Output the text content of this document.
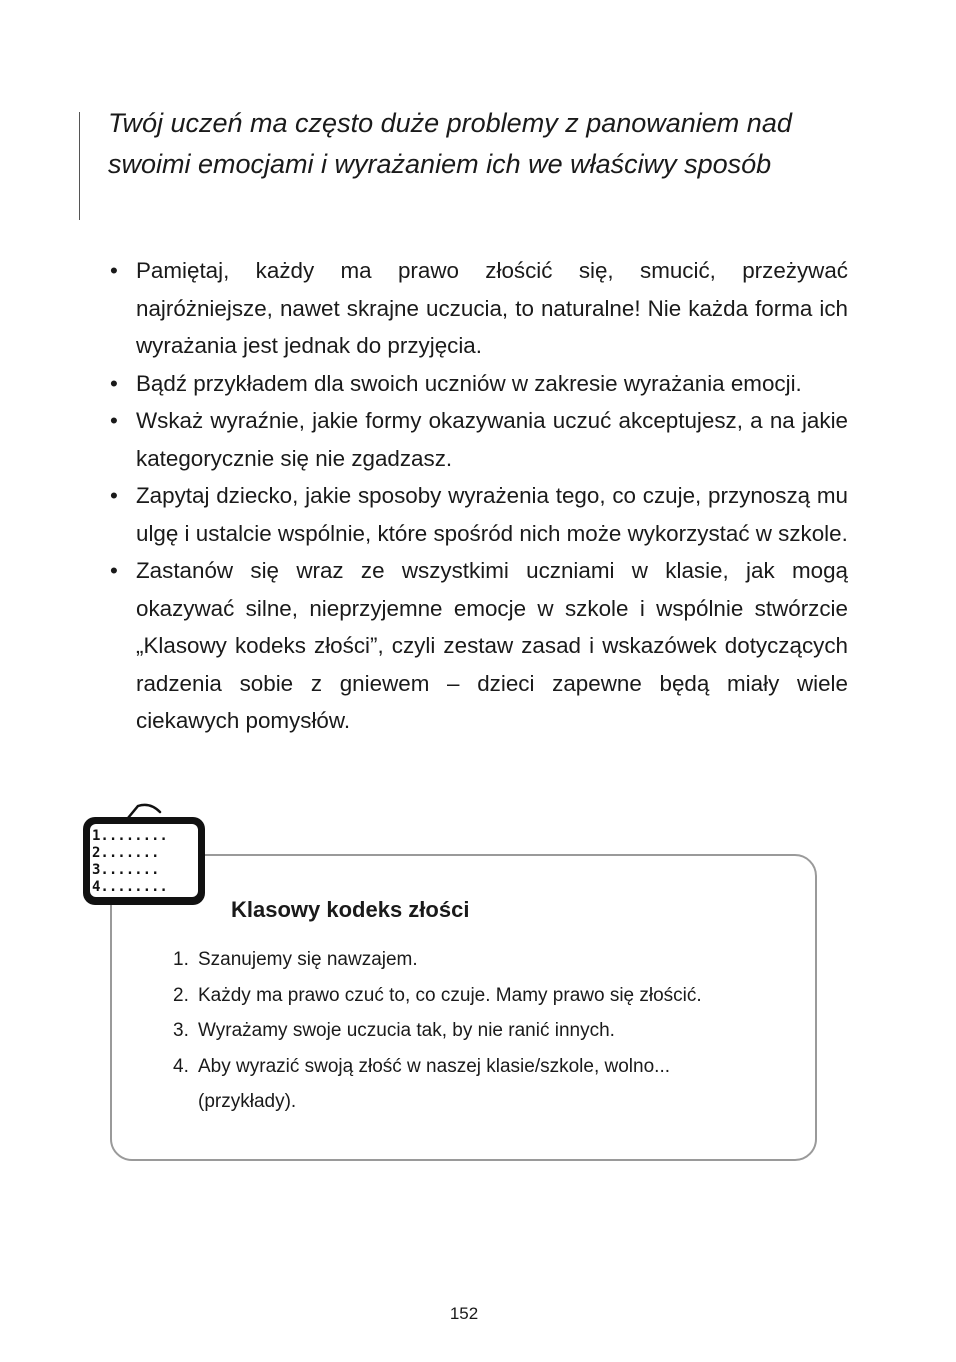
Twój uczeń ma często duże problemy z panowaniem nad swoimi emocjami i wyrażaniem ich we właściwy sposób
• Pamiętaj, każdy ma prawo złościć się, smucić, przeżywać najróżniejsze, nawet skrajne uczucia, to naturalne! Nie każda forma ich wyrażania jest jednak do przyjęcia.
• Bądź przykładem dla swoich uczniów w zakresie wyrażania emocji.
• Wskaż wyraźnie, jakie formy okazywania uczuć akceptujesz, a na jakie kategorycznie się nie zgadzasz.
• Zapytaj dziecko, jakie sposoby wyrażenia tego, co czuje, przynoszą mu ulgę i ustalcie wspólnie, które spośród nich może wykorzystać w szkole.
• Zastanów się wraz ze wszystkimi uczniami w klasie, jak mogą okazywać silne, nieprzyjemne emocje w szkole i wspólnie stwórzcie „Klasowy kodeks złości”, czyli zestaw zasad i wskazówek dotyczących radzenia sobie z gniewem – dzieci zapewne będą miały wiele ciekawych pomysłów.
1........
2.......
3.......
4........
Klasowy kodeks złości
1. Szanujemy się nawzajem.
2. Każdy ma prawo czuć to, co czuje. Mamy prawo się złościć.
3. Wyrażamy swoje uczucia tak, by nie ranić innych.
4. Aby wyrazić swoją złość w naszej klasie/szkole, wolno... (przykłady).
152
